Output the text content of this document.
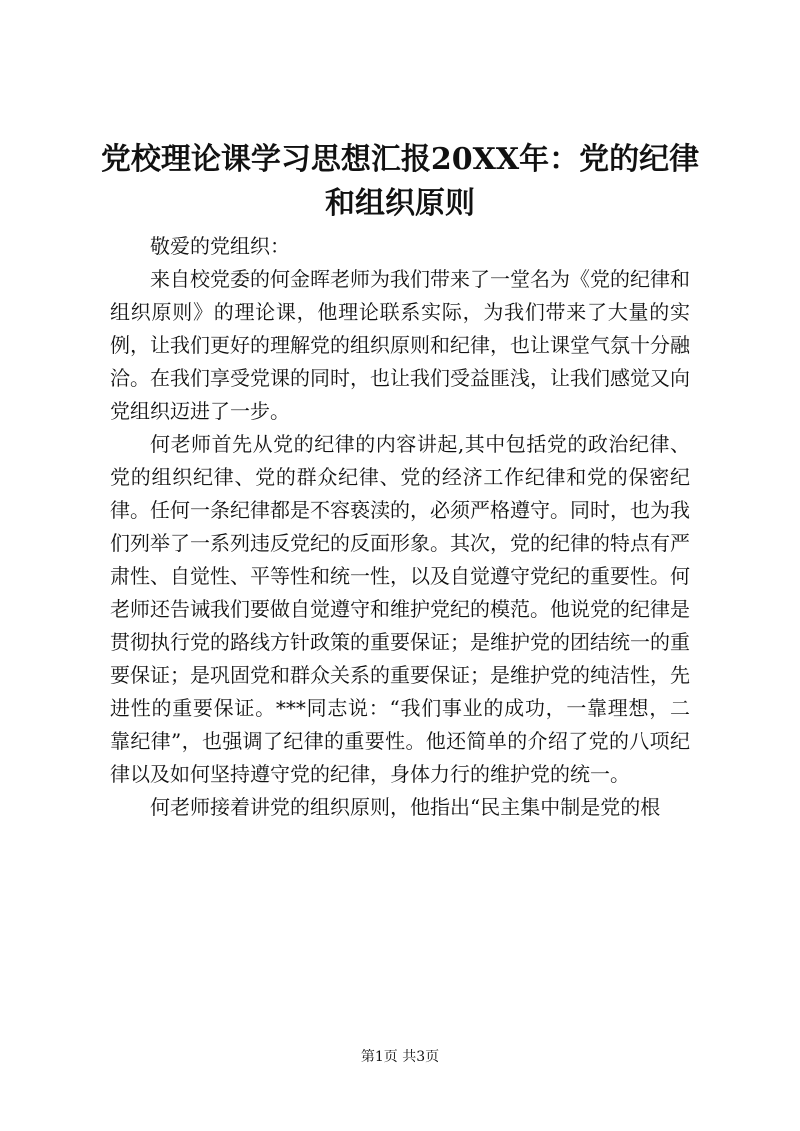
党校理论课学习思想汇报20XX年：党的纪律
和组织原则

敬爱的党组织：

来自校党委的何金晖老师为我们带来了一堂名为《党的纪律和组织原则》的理论课，他理论联系实际，为我们带来了大量的实例，让我们更好的理解党的组织原则和纪律，也让课堂气氛十分融洽。在我们享受党课的同时，也让我们受益匪浅，让我们感觉又向党组织迈进了一步。

何老师首先从党的纪律的内容讲起,其中包括党的政治纪律、党的组织纪律、党的群众纪律、党的经济工作纪律和党的保密纪律。任何一条纪律都是不容亵渎的，必须严格遵守。同时，也为我们列举了一系列违反党纪的反面形象。其次，党的纪律的特点有严肃性、自觉性、平等性和统一性，以及自觉遵守党纪的重要性。何老师还告诫我们要做自觉遵守和维护党纪的模范。他说党的纪律是贯彻执行党的路线方针政策的重要保证；是维护党的团结统一的重要保证；是巩固党和群众关系的重要保证；是维护党的纯洁性，先进性的重要保证。***同志说：“我们事业的成功，一靠理想，二靠纪律”，也强调了纪律的重要性。他还简单的介绍了党的八项纪律以及如何坚持遵守党的纪律，身体力行的维护党的统一。

何老师接着讲党的组织原则，他指出“民主集中制是党的根

第1页 共3页
